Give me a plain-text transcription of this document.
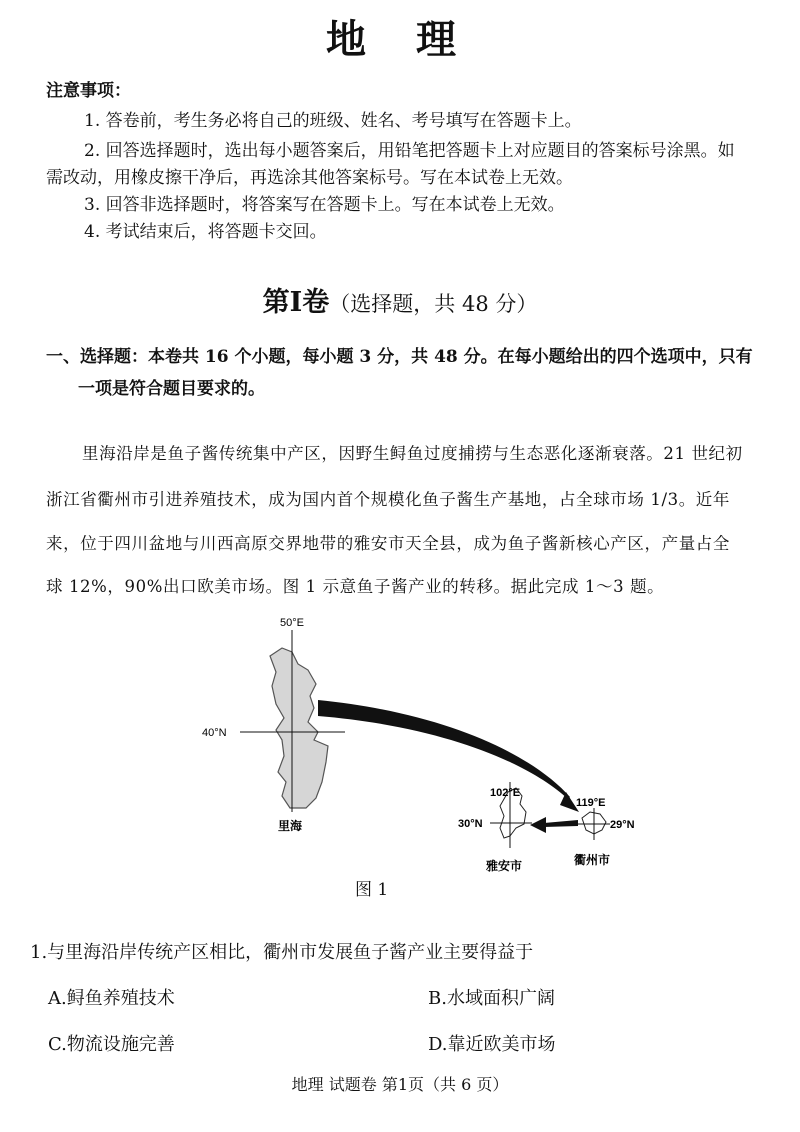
地 理
注意事项：
1. 答卷前，考生务必将自己的班级、姓名、考号填写在答题卡上。
2. 回答选择题时，选出每小题答案后，用铅笔把答题卡上对应题目的答案标号涂黑。如
需改动，用橡皮擦干净后，再选涂其他答案标号。写在本试卷上无效。
3. 回答非选择题时，将答案写在答题卡上。写在本试卷上无效。
4. 考试结束后，将答题卡交回。
第Ⅰ卷（选择题，共 48 分）
一、选择题：本卷共 16 个小题，每小题 3 分，共 48 分。在每小题给出的四个选项中，只有
一项是符合题目要求的。
里海沿岸是鱼子酱传统集中产区，因野生鲟鱼过度捕捞与生态恶化逐渐衰落。21 世纪初
浙江省衢州市引进养殖技术，成为国内首个规模化鱼子酱生产基地，占全球市场 1/3。近年
来，位于四川盆地与川西高原交界地带的雅安市天全县，成为鱼子酱新核心产区，产量占全
球 12%，90%出口欧美市场。图 1 示意鱼子酱产业的转移。据此完成 1～3 题。
50°E
40°N
里海
102°E
30°N
雅安市
119°E
29°N
衢州市
图 1
1.与里海沿岸传统产区相比，衢州市发展鱼子酱产业主要得益于
A.鲟鱼养殖技术	B.水域面积广阔
C.物流设施完善	D.靠近欧美市场
地理 试题卷 第1页（共 6 页）
